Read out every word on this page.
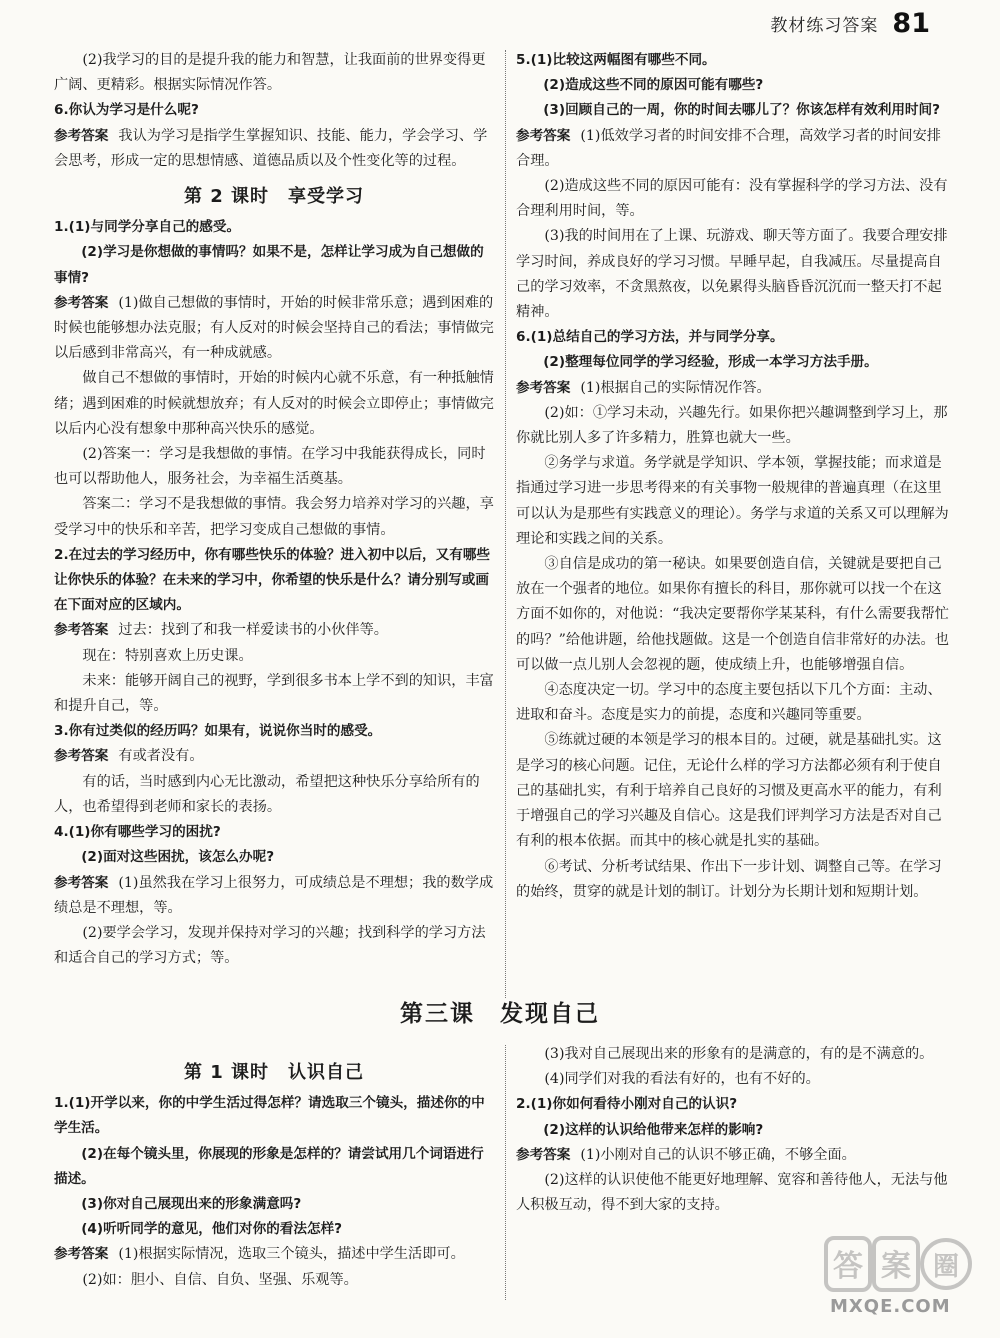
教材练习答案 81

(2)我学习的目的是提升我的能力和智慧，让我面前的世界变得更广阔、更精彩。根据实际情况作答。

6.你认为学习是什么呢?

参考答案 我认为学习是指学生掌握知识、技能、能力，学会学习、学会思考，形成一定的思想情感、道德品质以及个性变化等的过程。

第 2 课时　享受学习

1.(1)与同学分享自己的感受。

(2)学习是你想做的事情吗？如果不是，怎样让学习成为自己想做的事情?

参考答案 (1)做自己想做的事情时，开始的时候非常乐意；遇到困难的时候也能够想办法克服；有人反对的时候会坚持自己的看法；事情做完以后感到非常高兴，有一种成就感。

做自己不想做的事情时，开始的时候内心就不乐意，有一种抵触情绪；遇到困难的时候就想放弃；有人反对的时候会立即停止；事情做完以后内心没有想象中那种高兴快乐的感觉。

(2)答案一：学习是我想做的事情。在学习中我能获得成长，同时也可以帮助他人，服务社会，为幸福生活奠基。

答案二：学习不是我想做的事情。我会努力培养对学习的兴趣，享受学习中的快乐和辛苦，把学习变成自己想做的事情。

2.在过去的学习经历中，你有哪些快乐的体验？进入初中以后，又有哪些让你快乐的体验？在未来的学习中，你希望的快乐是什么？请分别写或画在下面对应的区域内。

参考答案 过去：找到了和我一样爱读书的小伙伴等。

现在：特别喜欢上历史课。

未来：能够开阔自己的视野，学到很多书本上学不到的知识，丰富和提升自己，等。

3.你有过类似的经历吗？如果有，说说你当时的感受。

参考答案 有或者没有。

有的话，当时感到内心无比激动，希望把这种快乐分享给所有的人，也希望得到老师和家长的表扬。

4.(1)你有哪些学习的困扰?

(2)面对这些困扰，该怎么办呢?

参考答案 (1)虽然我在学习上很努力，可成绩总是不理想；我的数学成绩总是不理想，等。

(2)要学会学习，发现并保持对学习的兴趣；找到科学的学习方法和适合自己的学习方式；等。

5.(1)比较这两幅图有哪些不同。

(2)造成这些不同的原因可能有哪些?

(3)回顾自己的一周，你的时间去哪儿了？你该怎样有效利用时间?

参考答案 (1)低效学习者的时间安排不合理，高效学习者的时间安排合理。

(2)造成这些不同的原因可能有：没有掌握科学的学习方法、没有合理利用时间，等。

(3)我的时间用在了上课、玩游戏、聊天等方面了。我要合理安排学习时间，养成良好的学习习惯。早睡早起，自我减压。尽量提高自己的学习效率，不贪黑熬夜，以免累得头脑昏昏沉沉而一整天打不起精神。

6.(1)总结自己的学习方法，并与同学分享。

(2)整理每位同学的学习经验，形成一本学习方法手册。

参考答案 (1)根据自己的实际情况作答。

(2)如：①学习未动，兴趣先行。如果你把兴趣调整到学习上，那你就比别人多了许多精力，胜算也就大一些。

②务学与求道。务学就是学知识、学本领，掌握技能；而求道是指通过学习进一步思考得来的有关事物一般规律的普遍真理（在这里可以认为是那些有实践意义的理论）。务学与求道的关系又可以理解为理论和实践之间的关系。

③自信是成功的第一秘诀。如果要创造自信，关键就是要把自己放在一个强者的地位。如果你有擅长的科目，那你就可以找一个在这方面不如你的，对他说：“我决定要帮你学某某科，有什么需要我帮忙的吗？”给他讲题，给他找题做。这是一个创造自信非常好的办法。也可以做一点儿别人会忽视的题，使成绩上升，也能够增强自信。

④态度决定一切。学习中的态度主要包括以下几个方面：主动、进取和奋斗。态度是实力的前提，态度和兴趣同等重要。

⑤练就过硬的本领是学习的根本目的。过硬，就是基础扎实。这是学习的核心问题。记住，无论什么样的学习方法都必须有利于使自己的基础扎实，有利于培养自己良好的习惯及更高水平的能力，有利于增强自己的学习兴趣及自信心。这是我们评判学习方法是否对自己有利的根本依据。而其中的核心就是扎实的基础。

⑥考试、分析考试结果、作出下一步计划、调整自己等。在学习的始终，贯穿的就是计划的制订。计划分为长期计划和短期计划。

第三课　发现自己
第 1 课时　认识自己

1.(1)开学以来，你的中学生活过得怎样？请选取三个镜头，描述你的中学生活。

(2)在每个镜头里，你展现的形象是怎样的？请尝试用几个词语进行描述。

(3)你对自己展现出来的形象满意吗?

(4)听听同学的意见，他们对你的看法怎样?

参考答案 (1)根据实际情况，选取三个镜头，描述中学生活即可。

(2)如：胆小、自信、自负、坚强、乐观等。

(3)我对自己展现出来的形象有的是满意的，有的是不满意的。

(4)同学们对我的看法有好的，也有不好的。

2.(1)你如何看待小刚对自己的认识?

(2)这样的认识给他带来怎样的影响?

参考答案 (1)小刚对自己的认识不够正确，不够全面。

(2)这样的认识使他不能更好地理解、宽容和善待他人，无法与他人积极互动，得不到大家的支持。

答 案 圈
MXQE.COM
